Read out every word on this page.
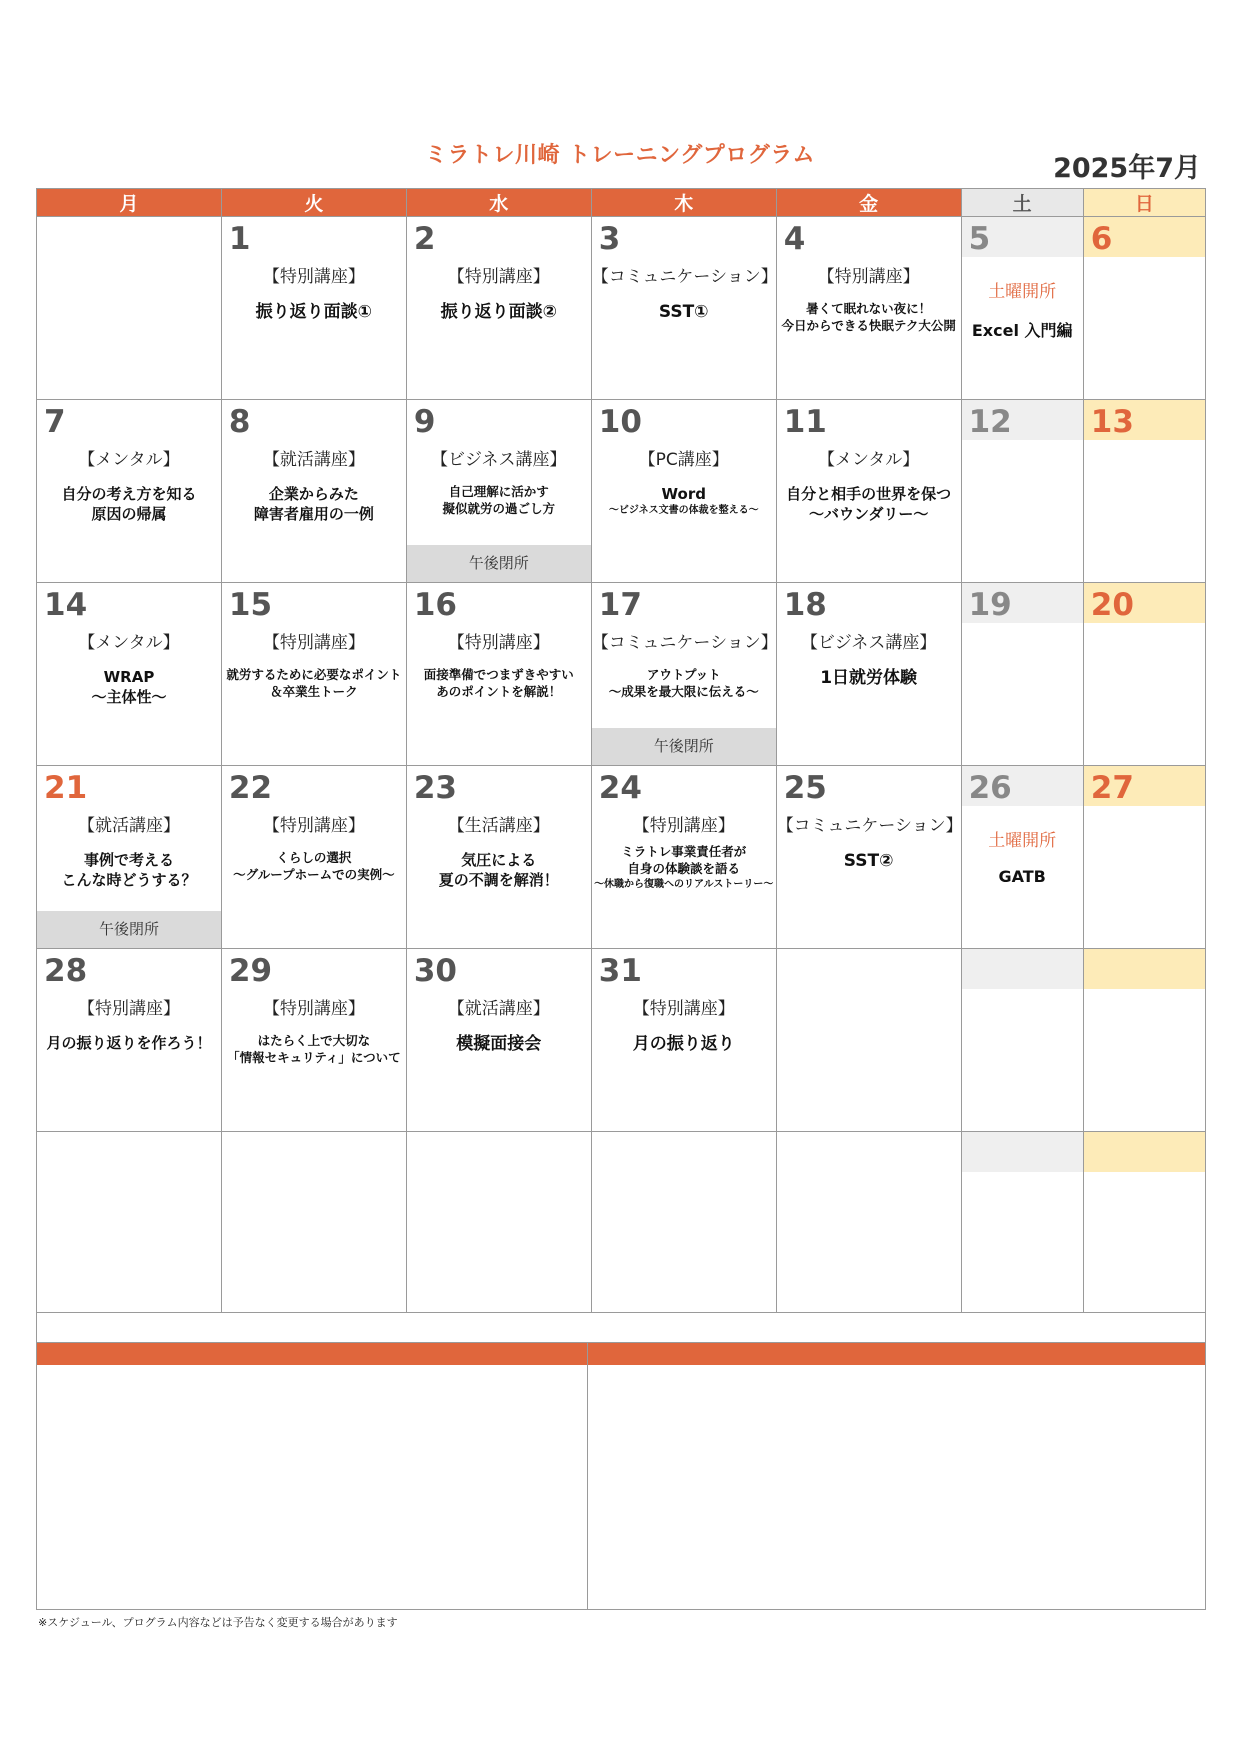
ミラトレ川崎 トレーニングプログラム	2025年7月
月	火	水	木	金	土	日

	1
【特別講座】
振り返り面談①	2
【特別講座】
振り返り面談②	3
【コミュニケーション】
SST①	4
【特別講座】
暑くて眠れない夜に！
今日からできる快眠テク大公開	5
土曜開所
Excel 入門編	6

7
【メンタル】
自分の考え方を知る
原因の帰属	8
【就活講座】
企業からみた
障害者雇用の一例	9
【ビジネス講座】
自己理解に活かす
擬似就労の過ごし方
午後閉所	10
【PC講座】
Word
～ビジネス文書の体裁を整える～	11
【メンタル】
自分と相手の世界を保つ
～バウンダリー～	12	13

14
【メンタル】
WRAP
～主体性～	15
【特別講座】
就労するために必要なポイント
＆卒業生トーク	16
【特別講座】
面接準備でつまずきやすい
あのポイントを解説！	17
【コミュニケーション】
アウトプット
～成果を最大限に伝える～
午後閉所	18
【ビジネス講座】
1日就労体験	19	20

21
【就活講座】
事例で考える
こんな時どうする？
午後閉所	22
【特別講座】
くらしの選択
～グループホームでの実例～	23
【生活講座】
気圧による
夏の不調を解消！	24
【特別講座】
ミラトレ事業責任者が
自身の体験談を語る
～休職から復職へのリアルストーリー～	25
【コミュニケーション】
SST②	26
土曜開所
GATB	27

28
【特別講座】
月の振り返りを作ろう！	29
【特別講座】
はたらく上で大切な
「情報セキュリティ」について	30
【就活講座】
模擬面接会	31
【特別講座】
月の振り返り			

※スケジュール、プログラム内容などは予告なく変更する場合があります
